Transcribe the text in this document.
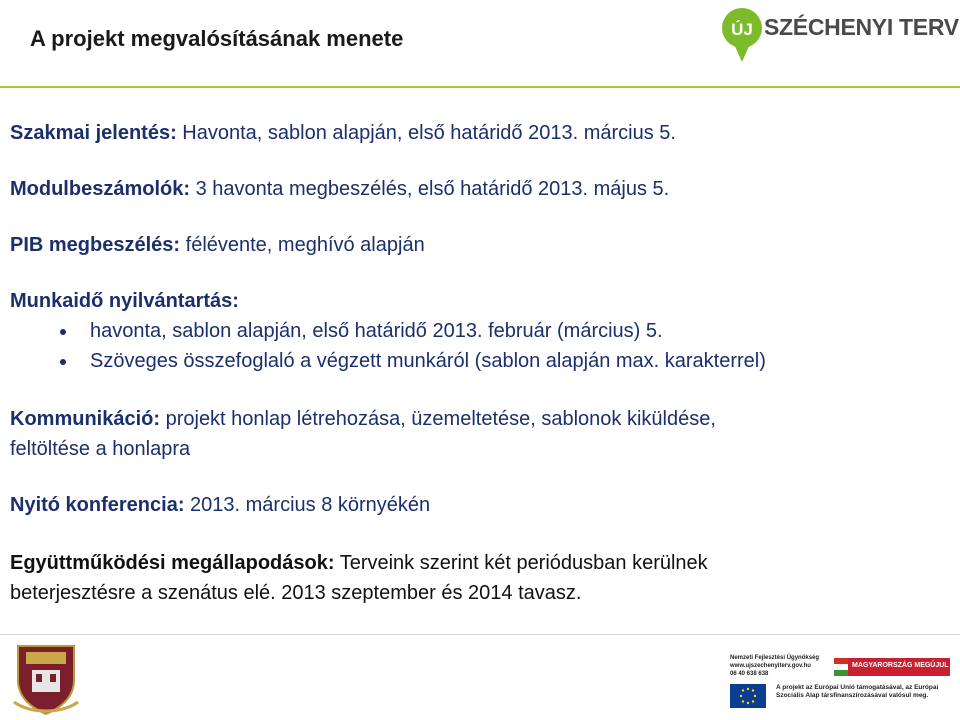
A projekt megvalósításának menete	ÚJ SZÉCHENYI TERV
Szakmai jelentés: Havonta, sablon alapján, első határidő 2013. március 5.
Modulbeszámolók: 3 havonta megbeszélés, első határidő 2013. május 5.
PIB megbeszélés: félévente, meghívó alapján
Munkaidő nyilvántartás:
havonta, sablon alapján, első határidő 2013. február (március) 5.
Szöveges összefoglaló a végzett munkáról (sablon alapján max. karakterrel)
Kommunikáció: projekt honlap létrehozása, üzemeltetése, sablonok kiküldése,
feltöltése a honlapra
Nyitó konferencia: 2013. március 8 környékén
Együttműködési megállapodások: Terveink szerint két periódusban kerülnek
beterjesztésre a szenátus elé. 2013 szeptember és 2014 tavasz.
Nemzeti Fejlesztési Ügynökség
www.ujszechenyiterv.gov.hu
06 40 638 638
MAGYARORSZÁG MEGÚJUL
A projekt az Európai Unió támogatásával, az Európai Szociális Alap társfinanszírozásával valósul meg.
